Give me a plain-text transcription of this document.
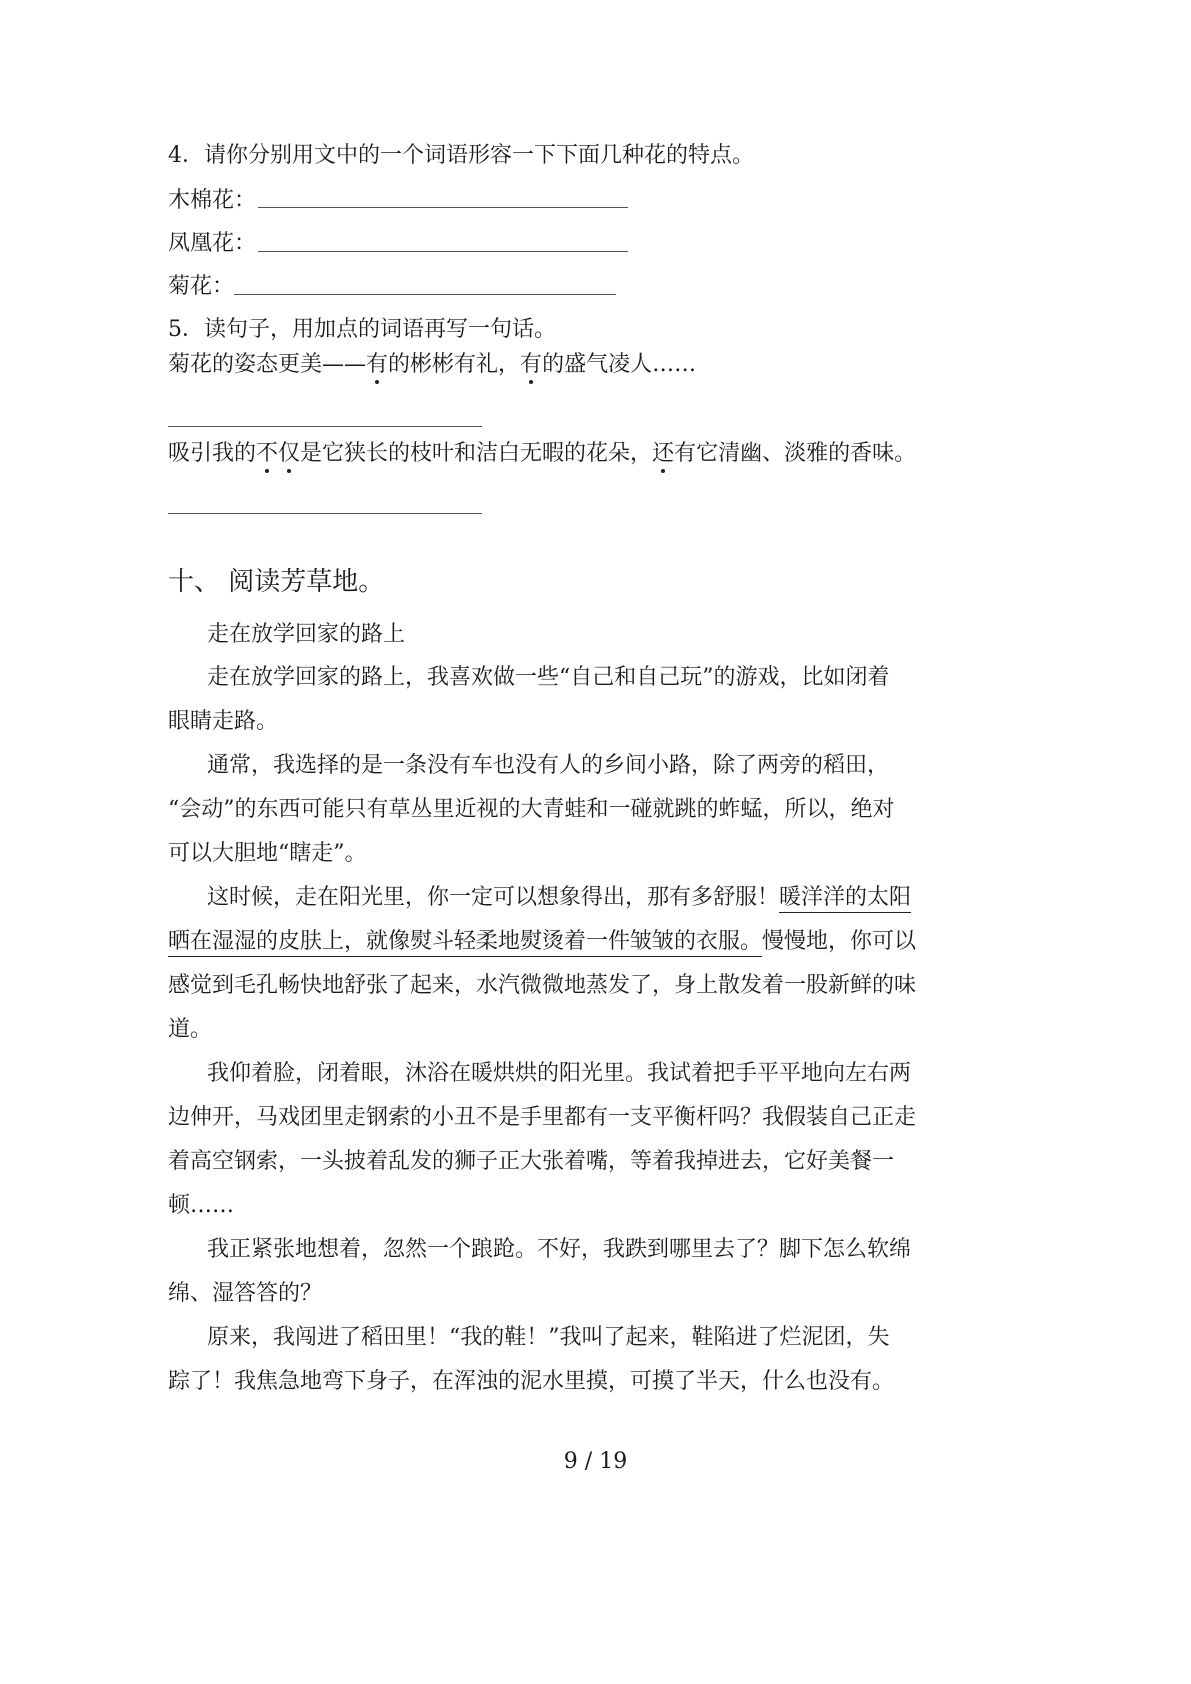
4．请你分别用文中的一个词语形容一下下面几种花的特点。
木棉花：
凤凰花：
菊花：
5．读句子，用加点的词语再写一句话。
菊花的姿态更美——有的彬彬有礼，有的盛气凌人……
吸引我的不仅是它狭长的枝叶和洁白无暇的花朵，还有它清幽、淡雅的香味。
十、 阅读芳草地。
走在放学回家的路上
走在放学回家的路上，我喜欢做一些“自己和自己玩”的游戏，比如闭着
眼睛走路。
通常，我选择的是一条没有车也没有人的乡间小路，除了两旁的稻田，
“会动”的东西可能只有草丛里近视的大青蛙和一碰就跳的蚱蜢，所以，绝对
可以大胆地“瞎走”。
这时候，走在阳光里，你一定可以想象得出，那有多舒服！暖洋洋的太阳
晒在湿湿的皮肤上，就像熨斗轻柔地熨烫着一件皱皱的衣服。慢慢地，你可以
感觉到毛孔畅快地舒张了起来，水汽微微地蒸发了，身上散发着一股新鲜的味
道。
我仰着脸，闭着眼，沐浴在暖烘烘的阳光里。我试着把手平平地向左右两
边伸开，马戏团里走钢索的小丑不是手里都有一支平衡杆吗？我假装自己正走
着高空钢索，一头披着乱发的狮子正大张着嘴，等着我掉进去，它好美餐一
顿……
我正紧张地想着，忽然一个踉跄。不好，我跌到哪里去了？脚下怎么软绵
绵、湿答答的？
原来，我闯进了稻田里！“我的鞋！”我叫了起来，鞋陷进了烂泥团，失
踪了！我焦急地弯下身子，在浑浊的泥水里摸，可摸了半天，什么也没有。
9 / 19
